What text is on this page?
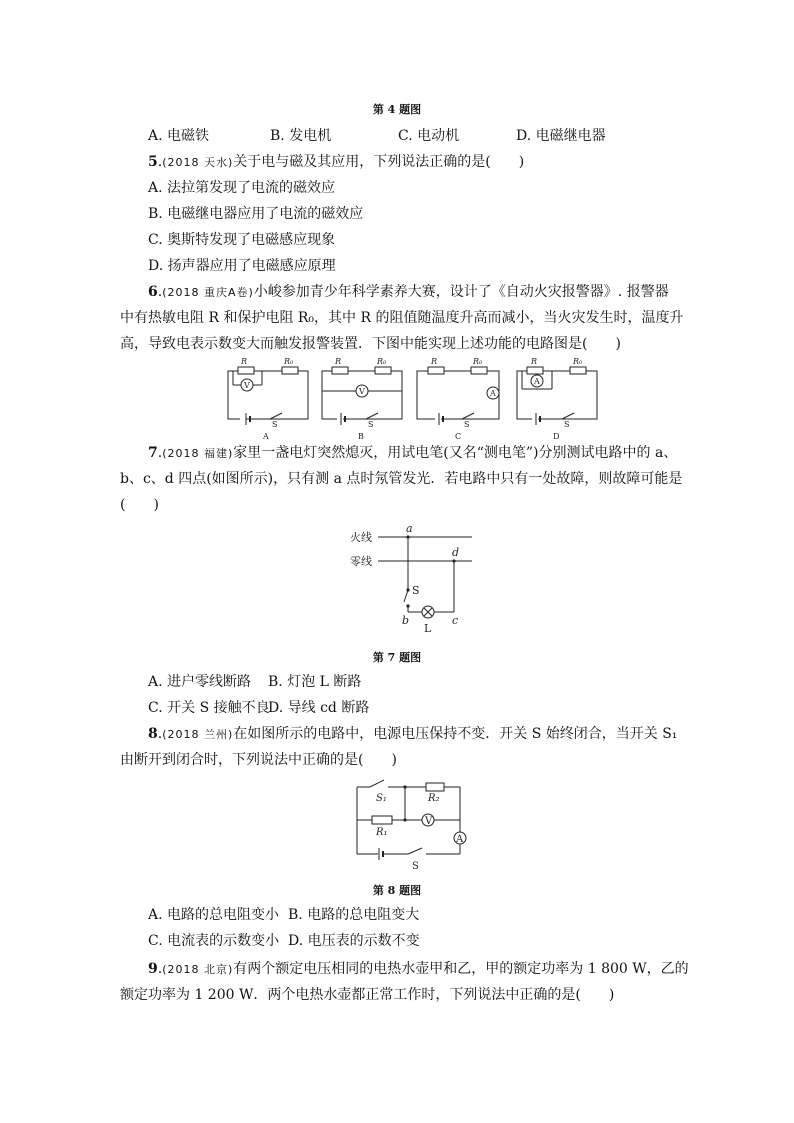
第 4 题图
A. 电磁铁	B. 发电机	C. 电动机	D. 电磁继电器
5.(2018 天水)关于电与磁及其应用，下列说法正确的是(　　)
A. 法拉第发现了电流的磁效应
B. 电磁继电器应用了电流的磁效应
C. 奥斯特发现了电磁感应现象
D. 扬声器应用了电磁感应原理
6.(2018 重庆A卷)小峻参加青少年科学素养大赛，设计了《自动火灾报警器》. 报警器
中有热敏电阻 R 和保护电阻 R₀，其中 R 的阻值随温度升高而减小，当火灾发生时，温度升
高，导致电表示数变大而触发报警装置．下图中能实现上述功能的电路图是(　　)
R	R₀
V
S
A
R	R₀
V
S
B
R	R₀
A
S
C
R	R₀
A
S
D
7.(2018 福建)家里一盏电灯突然熄灭，用试电笔(又名“测电笔”)分别测试电路中的 a、
b、c、d 四点(如图所示)，只有测 a 点时氖管发光．若电路中只有一处故障，则故障可能是
(　　)
火线
零线
a
d
S
b
L
c
第 7 题图
A. 进户零线断路 B. 灯泡 L 断路
C. 开关 S 接触不良
D. 导线 cd 断路
8.(2018 兰州)在如图所示的电路中，电源电压保持不变．开关 S 始终闭合，当开关 S₁
由断开到闭合时，下列说法中正确的是(　　)
S₁	R₂
R₁
V
A
S
第 8 题图
A. 电路的总电阻变小 B. 电路的总电阻变大
C. 电流表的示数变小 D. 电压表的示数不变
9.(2018 北京)有两个额定电压相同的电热水壶甲和乙，甲的额定功率为 1 800 W，乙的
额定功率为 1 200 W．两个电热水壶都正常工作时，下列说法中正确的是(　　)
